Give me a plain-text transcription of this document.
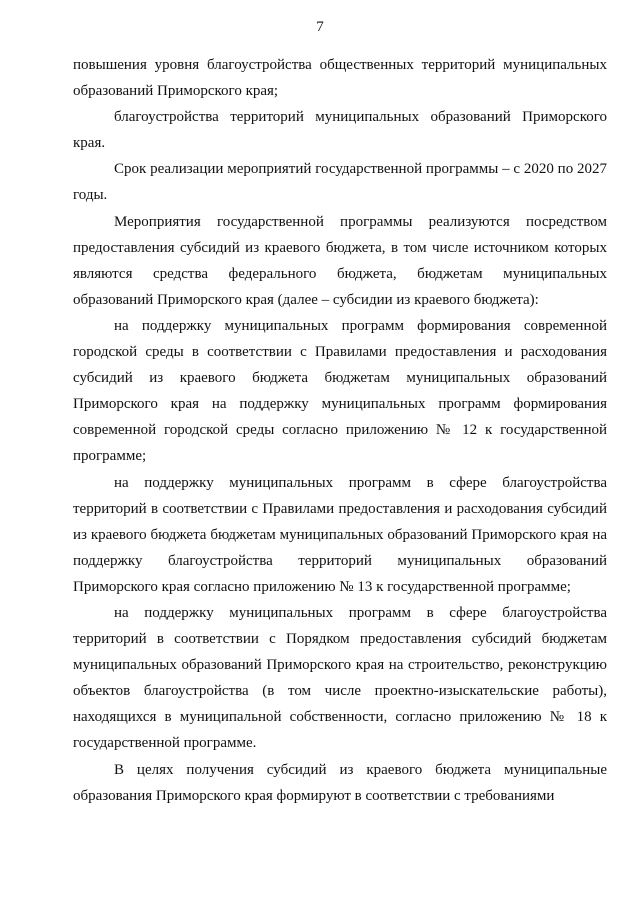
7

повышения уровня благоустройства общественных территорий муниципальных образований Приморского края;

благоустройства территорий муниципальных образований Приморского края.

Срок реализации мероприятий государственной программы – с 2020 по 2027 годы.

Мероприятия государственной программы реализуются посредством предоставления субсидий из краевого бюджета, в том числе источником которых являются средства федерального бюджета, бюджетам муниципальных образований Приморского края (далее – субсидии из краевого бюджета):

на поддержку муниципальных программ формирования современной городской среды в соответствии с Правилами предоставления и расходования субсидий из краевого бюджета бюджетам муниципальных образований Приморского края на поддержку муниципальных программ формирования современной городской среды согласно приложению № 12 к государственной программе;

на поддержку муниципальных программ в сфере благоустройства территорий в соответствии с Правилами предоставления и расходования субсидий из краевого бюджета бюджетам муниципальных образований Приморского края на поддержку благоустройства территорий муниципальных образований Приморского края согласно приложению № 13 к государственной программе;

на поддержку муниципальных программ в сфере благоустройства территорий в соответствии с Порядком предоставления субсидий бюджетам муниципальных образований Приморского края на строительство, реконструкцию объектов благоустройства (в том числе проектно-изыскательские работы), находящихся в муниципальной собственности, согласно приложению № 18 к государственной программе.

В целях получения субсидий из краевого бюджета муниципальные образования Приморского края формируют в соответствии с требованиями
